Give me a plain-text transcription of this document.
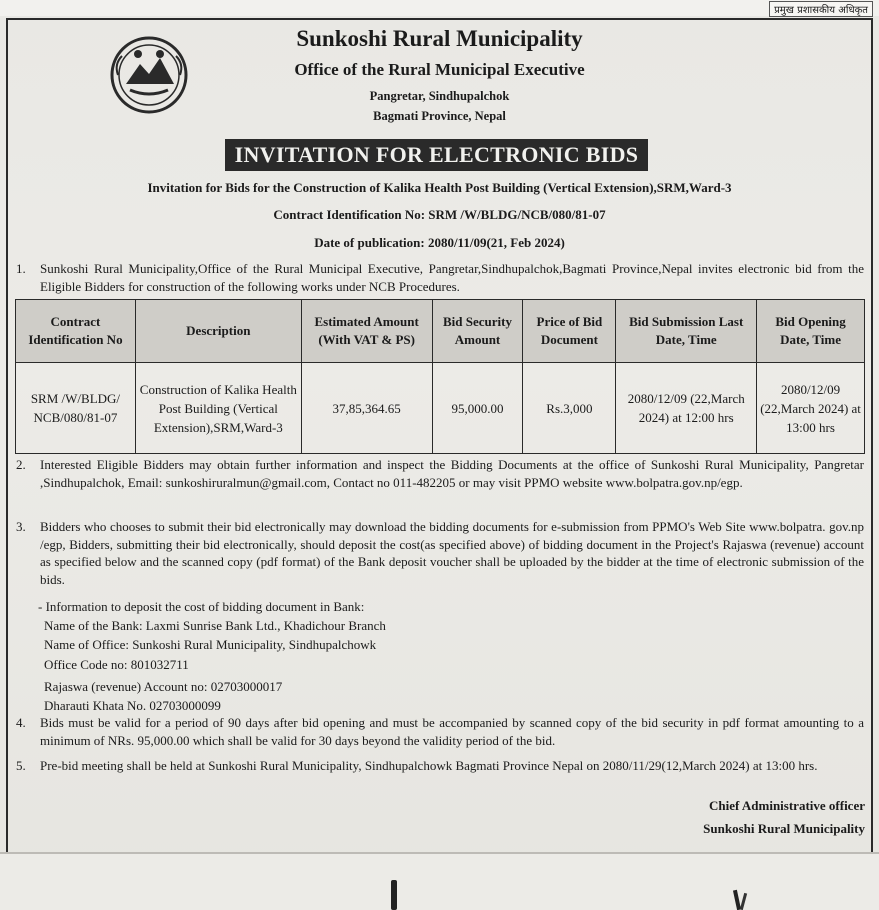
प्रमुख प्रशासकीय अधिकृत
Sunkoshi Rural Municipality
Office of the Rural Municipal Executive
Pangretar, Sindhupalchok
Bagmati Province, Nepal
INVITATION FOR ELECTRONIC BIDS
Invitation for Bids for the Construction of Kalika Health Post Building (Vertical Extension),SRM,Ward-3
Contract Identification No: SRM /W/BLDG/NCB/080/81-07
Date of publication: 2080/11/09(21, Feb 2024)
1. Sunkoshi Rural Municipality,Office of the Rural Municipal Executive, Pangretar,Sindhupalchok,Bagmati Province,Nepal invites electronic bid from the Eligible Bidders for construction of the following works under NCB Procedures.
Contract Identification No	Description	Estimated Amount (With VAT & PS)	Bid Security Amount	Price of Bid Document	Bid Submission Last Date, Time	Bid Opening Date, Time
SRM /W/BLDG/ NCB/080/81-07	Construction of Kalika Health Post Building (Vertical Extension),SRM,Ward-3	37,85,364.65	95,000.00	Rs.3,000	2080/12/09 (22,March 2024) at 12:00 hrs	2080/12/09 (22,March 2024) at 13:00 hrs
2. Interested Eligible Bidders may obtain further information and inspect the Bidding Documents at the office of Sunkoshi Rural Municipality, Pangretar ,Sindhupalchok, Email: sunkoshiruralmun@gmail.com, Contact no 011-482205 or may visit PPMO website www.bolpatra.gov.np/egp.
3. Bidders who chooses to submit their bid electronically may download the bidding documents for e-submission from PPMO's Web Site www.bolpatra. gov.np /egp, Bidders, submitting their bid electronically, should deposit the cost(as specified above) of bidding document in the Project's Rajaswa (revenue) account as specified below and the scanned copy (pdf format) of the Bank deposit voucher shall be uploaded by the bidder at the time of electronic submission of the bids.
- Information to deposit the cost of bidding document in Bank:
Name of the Bank: Laxmi Sunrise Bank Ltd., Khadichour Branch
Name of Office: Sunkoshi Rural Municipality, Sindhupalchowk
Office Code no: 801032711
Rajaswa (revenue) Account no: 02703000017
Dharauti Khata No. 02703000099
4. Bids must be valid for a period of 90 days after bid opening and must be accompanied by scanned copy of the bid security in pdf format amounting to a minimum of NRs. 95,000.00 which shall be valid for 30 days beyond the validity period of the bid.
5. Pre-bid meeting shall be held at Sunkoshi Rural Municipality, Sindhupalchowk Bagmati Province Nepal on 2080/11/29(12,March 2024) at 13:00 hrs.
Chief Administrative officer
Sunkoshi Rural Municipality
